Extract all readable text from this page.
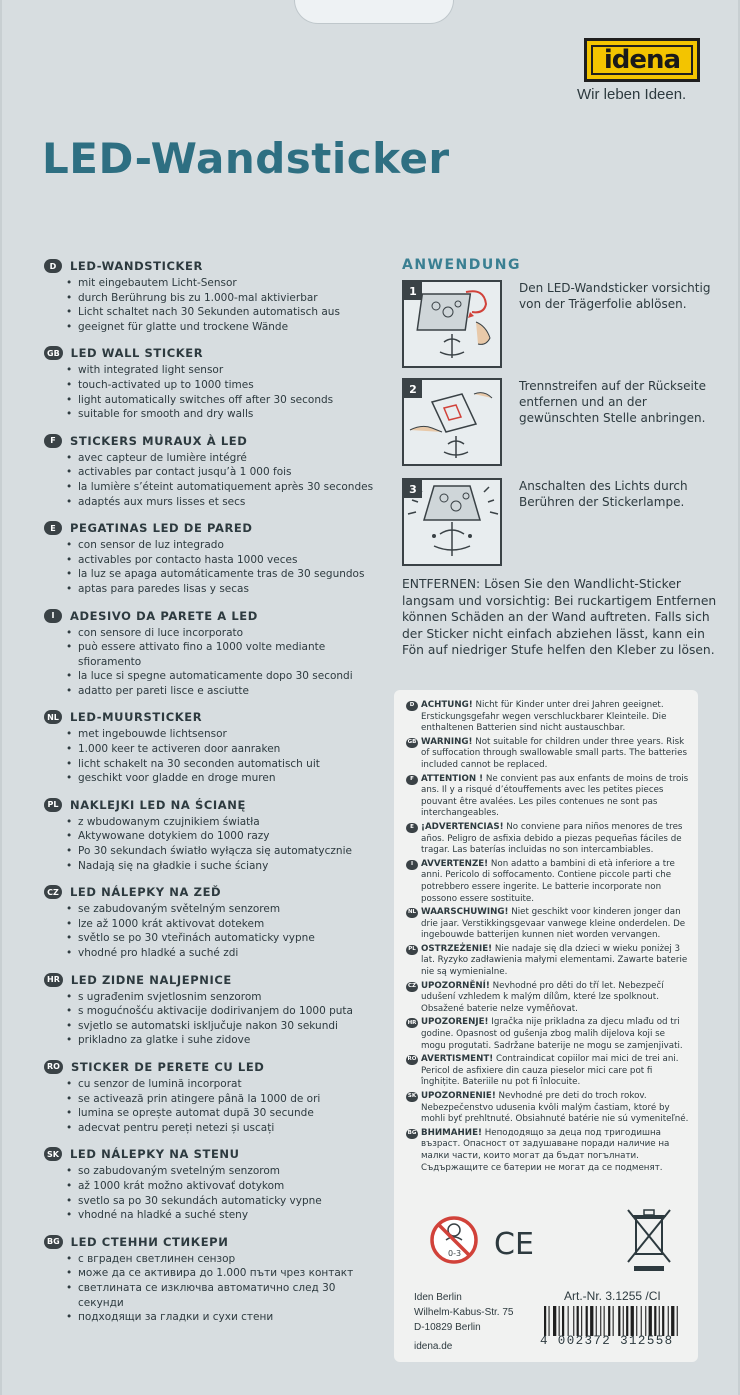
idena
Wir leben Ideen.
LED-Wandsticker
D	LED-WANDSTICKER
• mit eingebautem Licht-Sensor
• durch Berührung bis zu 1.000-mal aktivierbar
• Licht schaltet nach 30 Sekunden automatisch aus
• geeignet für glatte und trockene Wände
GB LED WALL STICKER
• with integrated light sensor
• touch-activated up to 1000 times
• light automatically switches off after 30 seconds
• suitable for smooth and dry walls
F	STICKERS MURAUX À LED
• avec capteur de lumière intégré
• activables par contact jusqu’à 1 000 fois
• la lumière s’éteint automatiquement après 30 secondes
• adaptés aux murs lisses et secs
E	PEGATINAS LED DE PARED
• con sensor de luz integrado
• activables por contacto hasta 1000 veces
• la luz se apaga automáticamente tras de 30 segundos
• aptas para paredes lisas y secas
I	ADESIVO DA PARETE A LED
• con sensore di luce incorporato
• può essere attivato fino a 1000 volte mediante sfioramento
• la luce si spegne automaticamente dopo 30 secondi
• adatto per pareti lisce e asciutte
NL LED-MUURSTICKER
• met ingebouwde lichtsensor
• 1.000 keer te activeren door aanraken
• licht schakelt na 30 seconden automatisch uit
• geschikt voor gladde en droge muren
PL	NAKLEJKI LED NA ŚCIANĘ
• z wbudowanym czujnikiem światła
• Aktywowane dotykiem do 1000 razy
• Po 30 sekundach światło wyłącza się automatycznie
• Nadają się na gładkie i suche ściany
CZ LED NÁLEPKY NA ZEĎ
• se zabudovaným světelným senzorem
• lze až 1000 krát aktivovat dotekem
• světlo se po 30 vteřinách automaticky vypne
• vhodné pro hladké a suché zdi
HR LED ZIDNE NALJEPNICE
• s ugrađenim svjetlosnim senzorom
• s mogućnošću aktivacije dodirivanjem do 1000 puta
• svjetlo se automatski isključuje nakon 30 sekundi
• prikladno za glatke i suhe zidove
RO STICKER DE PERETE CU LED
• cu senzor de lumină incorporat
• se activează prin atingere până la 1000 de ori
• lumina se oprește automat după 30 secunde
• adecvat pentru pereți netezi și uscați
SK LED NÁLEPKY NA STENU
• so zabudovaným svetelným senzorom
• až 1000 krát možno aktivovať dotykom
• svetlo sa po 30 sekundách automaticky vypne
• vhodné na hladké a suché steny
BG LED СТЕННИ СТИКЕРИ
• с вграден светлинен сензор
• може да се активира до 1.000 пъти чрез контакт
• светлината се изключва автоматично след 30 секунди
• подходящи за гладки и сухи стени
ANWENDUNG
1	Den LED-Wandsticker vorsichtig von der Trägerfolie ablösen.
2	Trennstreifen auf der Rückseite entfernen und an der gewünschten Stelle anbringen.
3	Anschalten des Lichts durch Berühren der Stickerlampe.
ENTFERNEN: Lösen Sie den Wandlicht-Sticker langsam und vorsichtig: Bei ruckartigem Entfernen können Schäden an der Wand auftreten. Falls sich der Sticker nicht einfach abziehen lässt, kann ein Fön auf niedriger Stufe helfen den Kleber zu lösen.
D ACHTUNG! Nicht für Kinder unter drei Jahren geeignet. Erstickungsgefahr wegen verschluckbarer Kleinteile. Die enthaltenen Batterien sind nicht austauschbar.
GB WARNING! Not suitable for children under three years. Risk of suffocation through swallowable small parts. The batteries included cannot be replaced.
F ATTENTION ! Ne convient pas aux enfants de moins de trois ans. Il y a risqué d’étouffements avec les petites pieces pouvant être avalées. Les piles contenues ne sont pas interchangeables.
E ¡ADVERTENCIAS! No conviene para niños menores de tres años. Peligro de asfixia debido a piezas pequeñas fáciles de tragar. Las baterías incluidas no son intercambiables.
I AVVERTENZE! Non adatto a bambini di età inferiore a tre anni. Pericolo di soffocamento. Contiene piccole parti che potrebbero essere ingerite. Le batterie incorporate non possono essere sostituite.
NL WAARSCHUWING! Niet geschikt voor kinderen jonger dan drie jaar. Verstikkingsgevaar vanwege kleine onderdelen. De ingebouwde batterijen kunnen niet worden vervangen.
PL OSTRZEŻENIE! Nie nadaje się dla dzieci w wieku poniżej 3 lat. Ryzyko zadławienia małymi elementami. Zawarte baterie nie są wymienialne.
CZ UPOZORNĚNÍ! Nevhodné pro děti do tří let. Nebezpečí udušení vzhledem k malým dílům, které lze spolknout. Obsažené baterie nelze vyměňovat.
HR UPOZORENJE! Igračka nije prikladna za djecu mlađu od tri godine. Opasnost od gušenja zbog malih dijelova koji se mogu progutati. Sadržane baterije ne mogu se zamjenjivati.
RO AVERTISMENT! Contraindicat copiilor mai mici de trei ani. Pericol de asfixiere din cauza pieselor mici care pot fi înghițite. Bateriile nu pot fi înlocuite.
SK UPOZORNENIE! Nevhodné pre deti do troch rokov. Nebezpečenstvo udusenia kvôli malým častiam, ktoré by mohli byť prehltnuté. Obsiahnuté batérie nie sú vymeniteľné.
BG ВНИМАНИЕ! Непододящо за деца под тригодишна възраст. Опасност от задушаване поради наличие на малки части, които могат да бъдат погълнати. Съдържащите се батерии не могат да се подменят.
0-3 CE
Iden Berlin
Wilhelm-Kabus-Str. 75
D-10829 Berlin
Art.-Nr. 3.1255 /CI
4 002372 312558
idena.de
